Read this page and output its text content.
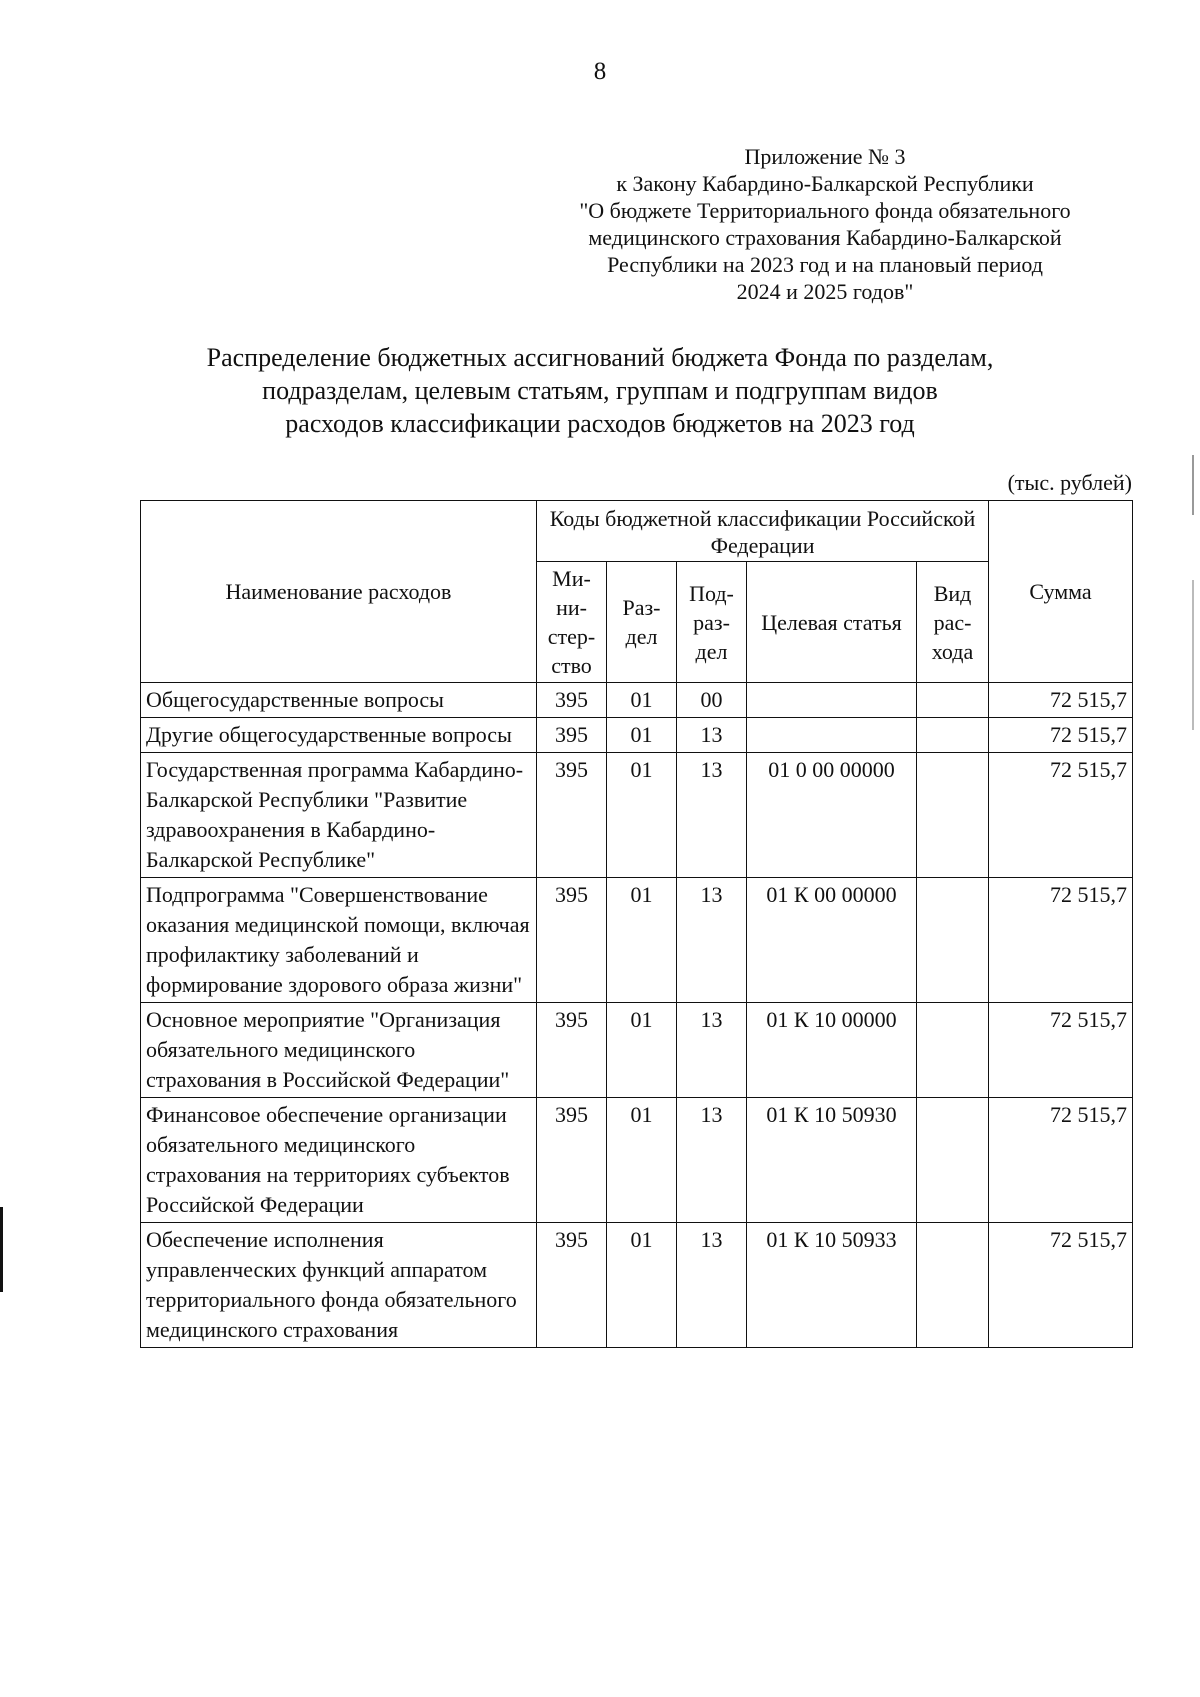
8
Приложение № 3
к Закону Кабардино-Балкарской Республики
"О бюджете Территориального фонда обязательного
медицинского страхования Кабардино-Балкарской
Республики на 2023 год и на плановый период
2024 и 2025 годов"
Распределение бюджетных ассигнований бюджета Фонда по разделам,
подразделам, целевым статьям, группам и подгруппам видов
расходов классификации расходов бюджетов на 2023 год
(тыс. рублей)
Наименование расходов	Коды бюджетной классификации Российской Федерации					Сумма
	Ми-ни-стер-ство	Раз-дел	Под-раз-дел	Целевая статья	Вид рас-хода	
Общегосударственные вопросы	395	01	00			72 515,7
Другие общегосударственные вопросы	395	01	13			72 515,7
Государственная программа Кабардино-Балкарской Республики "Развитие здравоохранения в Кабардино-Балкарской Республике"	395	01	13	01 0 00 00000		72 515,7
Подпрограмма "Совершенствование оказания медицинской помощи, включая профилактику заболеваний и формирование здорового образа жизни"	395	01	13	01 К 00 00000		72 515,7
Основное мероприятие "Организация обязательного медицинского страхования в Российской Федерации"	395	01	13	01 К 10 00000		72 515,7
Финансовое обеспечение организации обязательного медицинского страхования на территориях субъектов Российской Федерации	395	01	13	01 К 10 50930		72 515,7
Обеспечение исполнения управленческих функций аппаратом территориального фонда обязательного медицинского страхования	395	01	13	01 К 10 50933		72 515,7
